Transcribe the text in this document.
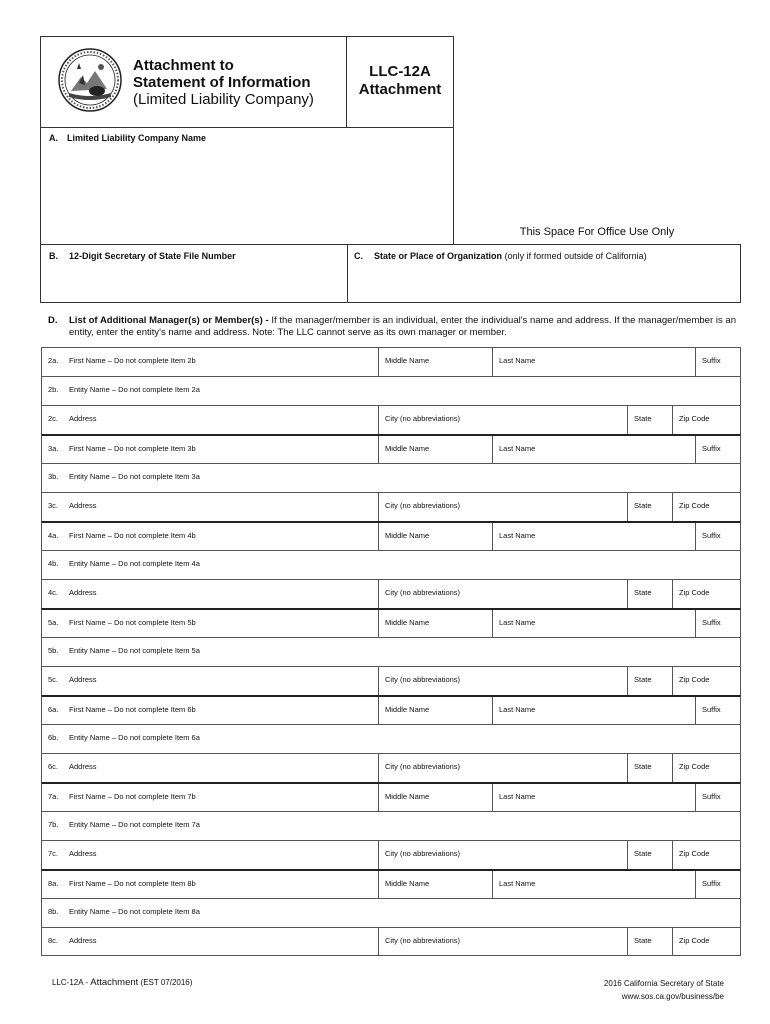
Attachment to
Statement of Information
(Limited Liability Company)
LLC-12A
Attachment
A. Limited Liability Company Name
This Space For Office Use Only
B. 12-Digit Secretary of State File Number	C. State or Place of Organization (only if formed outside of California)
D.	List of Additional Manager(s) or Member(s) - If the manager/member is an individual, enter the individual's name and address. If the manager/member is an entity, enter the entity's name and address. Note: The LLC cannot serve as its own manager or member.
2a. First Name – Do not complete Item 2b	Middle Name	Last Name	Suffix
2b. Entity Name – Do not complete Item 2a
2c. Address	City (no abbreviations)	State	Zip Code
3a. First Name – Do not complete Item 3b	Middle Name	Last Name	Suffix
3b. Entity Name – Do not complete Item 3a
3c. Address	City (no abbreviations)	State	Zip Code
4a. First Name – Do not complete Item 4b	Middle Name	Last Name	Suffix
4b. Entity Name – Do not complete Item 4a
4c. Address	City (no abbreviations)	State	Zip Code
5a. First Name – Do not complete Item 5b	Middle Name	Last Name	Suffix
5b. Entity Name – Do not complete Item 5a
5c. Address	City (no abbreviations)	State	Zip Code
6a. First Name – Do not complete Item 6b	Middle Name	Last Name	Suffix
6b. Entity Name – Do not complete Item 6a
6c. Address	City (no abbreviations)	State	Zip Code
7a. First Name – Do not complete Item 7b	Middle Name	Last Name	Suffix
7b. Entity Name – Do not complete Item 7a
7c. Address	City (no abbreviations)	State	Zip Code
8a. First Name – Do not complete Item 8b	Middle Name	Last Name	Suffix
8b. Entity Name – Do not complete Item 8a
8c. Address	City (no abbreviations)	State	Zip Code
LLC-12A - Attachment (EST 07/2016)	2016 California Secretary of State
www.sos.ca.gov/business/be
